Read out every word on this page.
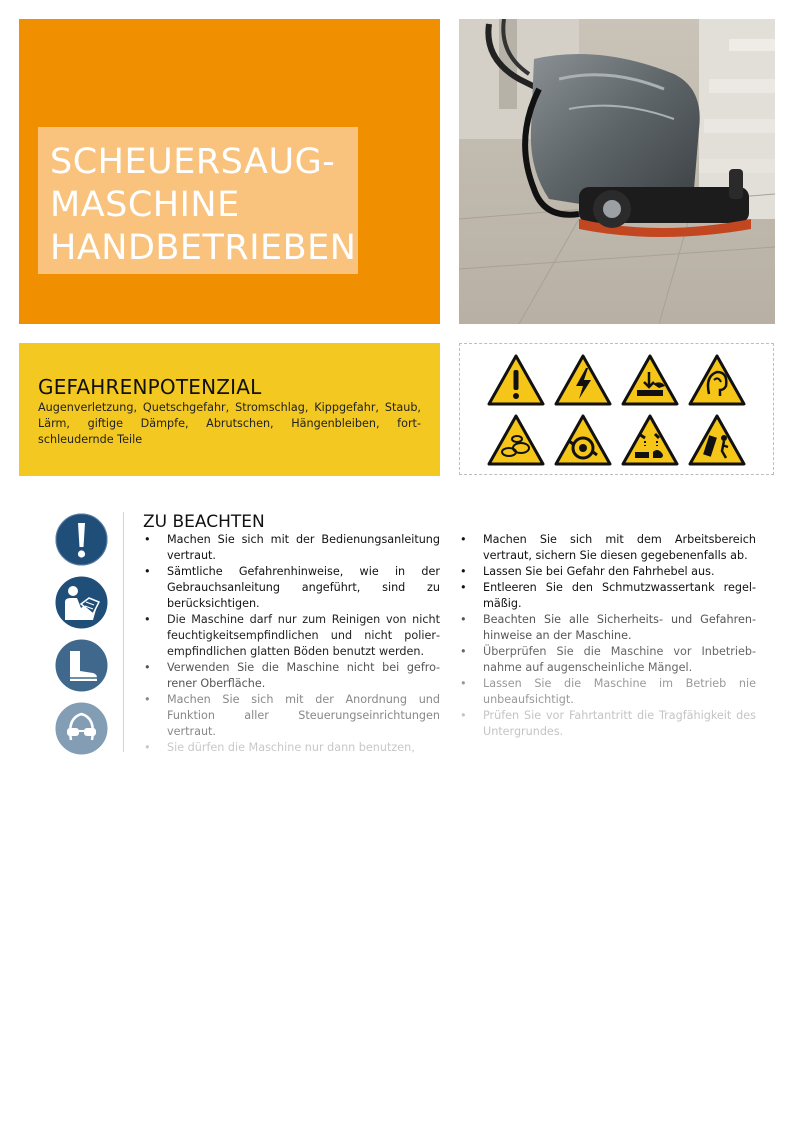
SCHEUERSAUG-
MASCHINE
HANDBETRIEBEN
GEFAHRENPOTENZIAL
Augenverletzung, Quetschgefahr, Stromschlag, Kippgefahr, Staub, Lärm, giftige Dämpfe, Abrutschen, Hängenbleiben, fortschleudernde Teile
ZU BEACHTEN
• Machen Sie sich mit der Bedienungsanleitung vertraut.
• Sämtliche Gefahrenhinweise, wie in der Gebrauchsanleitung angeführt, sind zu berücksichtigen.
• Die Maschine darf nur zum Reinigen von nicht feuchtigkeitsempfindlichen und nicht polierempfindlichen glatten Böden benutzt werden.
• Verwenden Sie die Maschine nicht bei gefrorener Oberfläche.
• Machen Sie sich mit der Anordnung und Funktion aller Steuerungseinrichtungen vertraut.
• Sie dürfen die Maschine nur dann benutzen,
• Machen Sie sich mit dem Arbeitsbereich vertraut, sichern Sie diesen gegebenenfalls ab.
• Lassen Sie bei Gefahr den Fahrhebel aus.
• Entleeren Sie den Schmutzwassertank regelmäßig.
• Beachten Sie alle Sicherheits- und Gefahrenhinweise an der Maschine.
• Überprüfen Sie die Maschine vor Inbetriebnahme auf augenscheinliche Mängel.
• Lassen Sie die Maschine im Betrieb nie unbeaufsichtigt.
• Prüfen Sie vor Fahrtantritt die Tragfähigkeit des Untergrundes.
